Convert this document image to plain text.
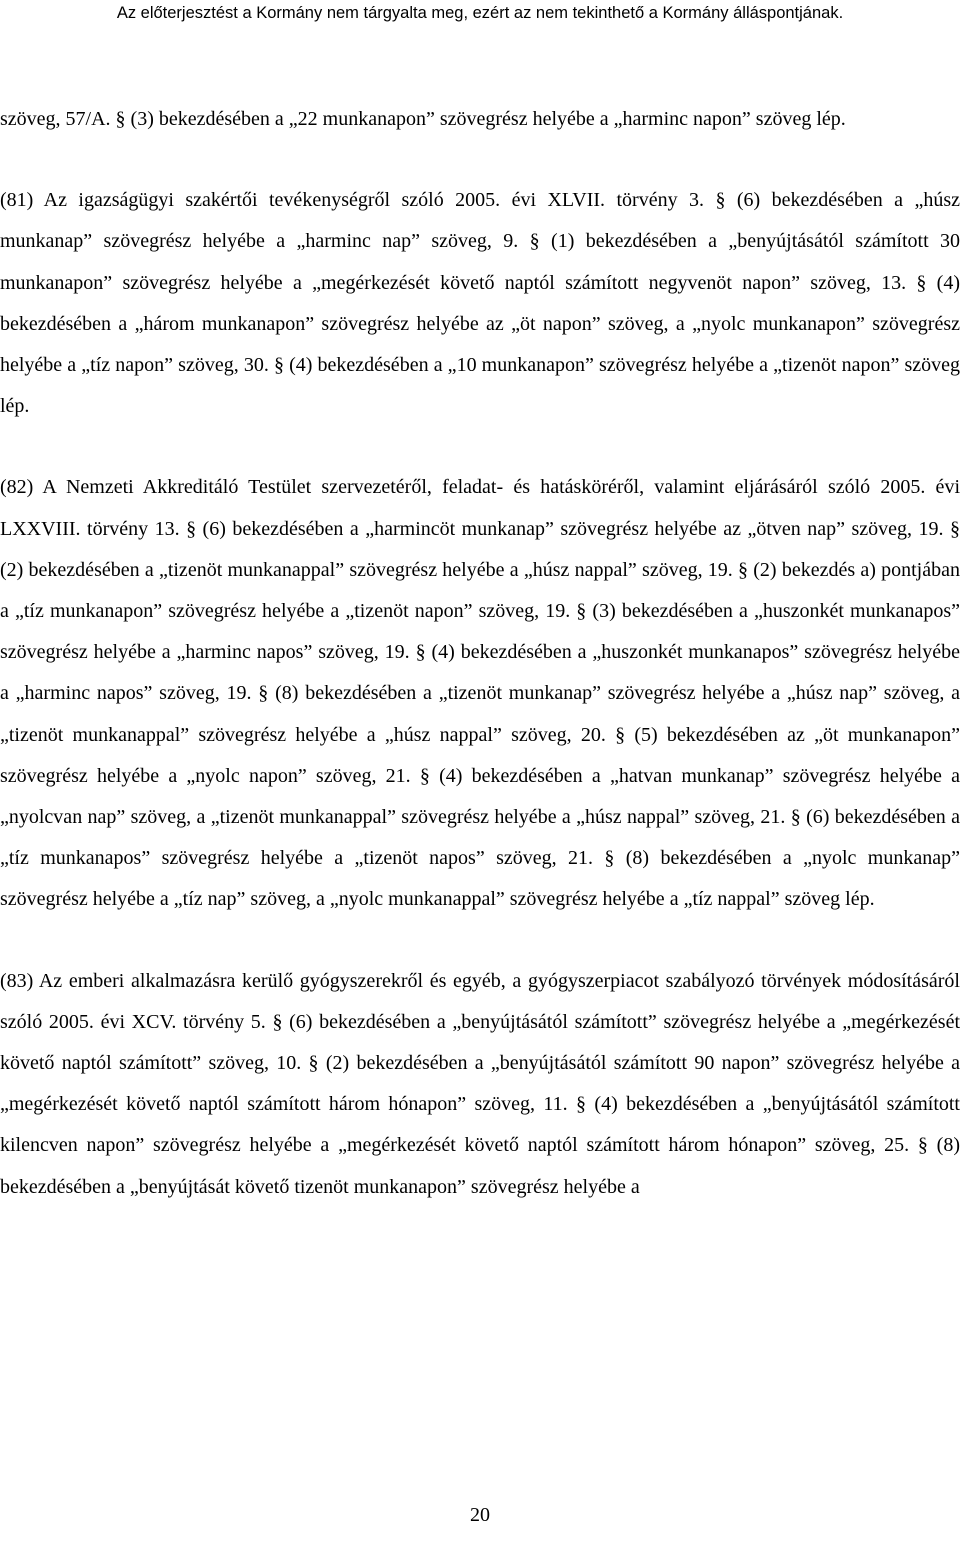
Az előterjesztést a Kormány nem tárgyalta meg, ezért az nem tekinthető a Kormány álláspontjának.

szöveg, 57/A. § (3) bekezdésében a „22 munkanapon” szövegrész helyébe a „harminc napon” szöveg lép.

(81) Az igazságügyi szakértői tevékenységről szóló 2005. évi XLVII. törvény 3. § (6) bekezdésében a „húsz munkanap” szövegrész helyébe a „harminc nap” szöveg, 9. § (1) bekezdésében a „benyújtásától számított 30 munkanapon” szövegrész helyébe a „megérkezését követő naptól számított negyvenöt napon” szöveg, 13. § (4) bekezdésében a „három munkanapon” szövegrész helyébe az „öt napon” szöveg, a „nyolc munkanapon” szövegrész helyébe a „tíz napon” szöveg, 30. § (4) bekezdésében a „10 munkanapon” szövegrész helyébe a „tizenöt napon” szöveg lép.

(82) A Nemzeti Akkreditáló Testület szervezetéről, feladat- és hatásköréről, valamint eljárásáról szóló 2005. évi LXXVIII. törvény 13. § (6) bekezdésében a „harmincöt munkanap” szövegrész helyébe az „ötven nap” szöveg, 19. § (2) bekezdésében a „tizenöt munkanappal” szövegrész helyébe a „húsz nappal” szöveg, 19. § (2) bekezdés a) pontjában a „tíz munkanapon” szövegrész helyébe a „tizenöt napon” szöveg, 19. § (3) bekezdésében a „huszonkét munkanapos” szövegrész helyébe a „harminc napos” szöveg, 19. § (4) bekezdésében a „huszonkét munkanapos” szövegrész helyébe a „harminc napos” szöveg, 19. § (8) bekezdésében a „tizenöt munkanap” szövegrész helyébe a „húsz nap” szöveg, a „tizenöt munkanappal” szövegrész helyébe a „húsz nappal” szöveg, 20. § (5) bekezdésében az „öt munkanapon” szövegrész helyébe a „nyolc napon” szöveg, 21. § (4) bekezdésében a „hatvan munkanap” szövegrész helyébe a „nyolcvan nap” szöveg, a „tizenöt munkanappal” szövegrész helyébe a „húsz nappal” szöveg, 21. § (6) bekezdésében a „tíz munkanapos” szövegrész helyébe a „tizenöt napos” szöveg, 21. § (8) bekezdésében a „nyolc munkanap” szövegrész helyébe a „tíz nap” szöveg, a „nyolc munkanappal” szövegrész helyébe a „tíz nappal” szöveg lép.

(83) Az emberi alkalmazásra kerülő gyógyszerekről és egyéb, a gyógyszerpiacot szabályozó törvények módosításáról szóló 2005. évi XCV. törvény 5. § (6) bekezdésében a „benyújtásától számított” szövegrész helyébe a „megérkezését követő naptól számított” szöveg, 10. § (2) bekezdésében a „benyújtásától számított 90 napon” szövegrész helyébe a „megérkezését követő naptól számított három hónapon” szöveg, 11. § (4) bekezdésében a „benyújtásától számított kilencven napon” szövegrész helyébe a „megérkezését követő naptól számított három hónapon” szöveg, 25. § (8) bekezdésében a „benyújtását követő tizenöt munkanapon” szövegrész helyébe a

20
